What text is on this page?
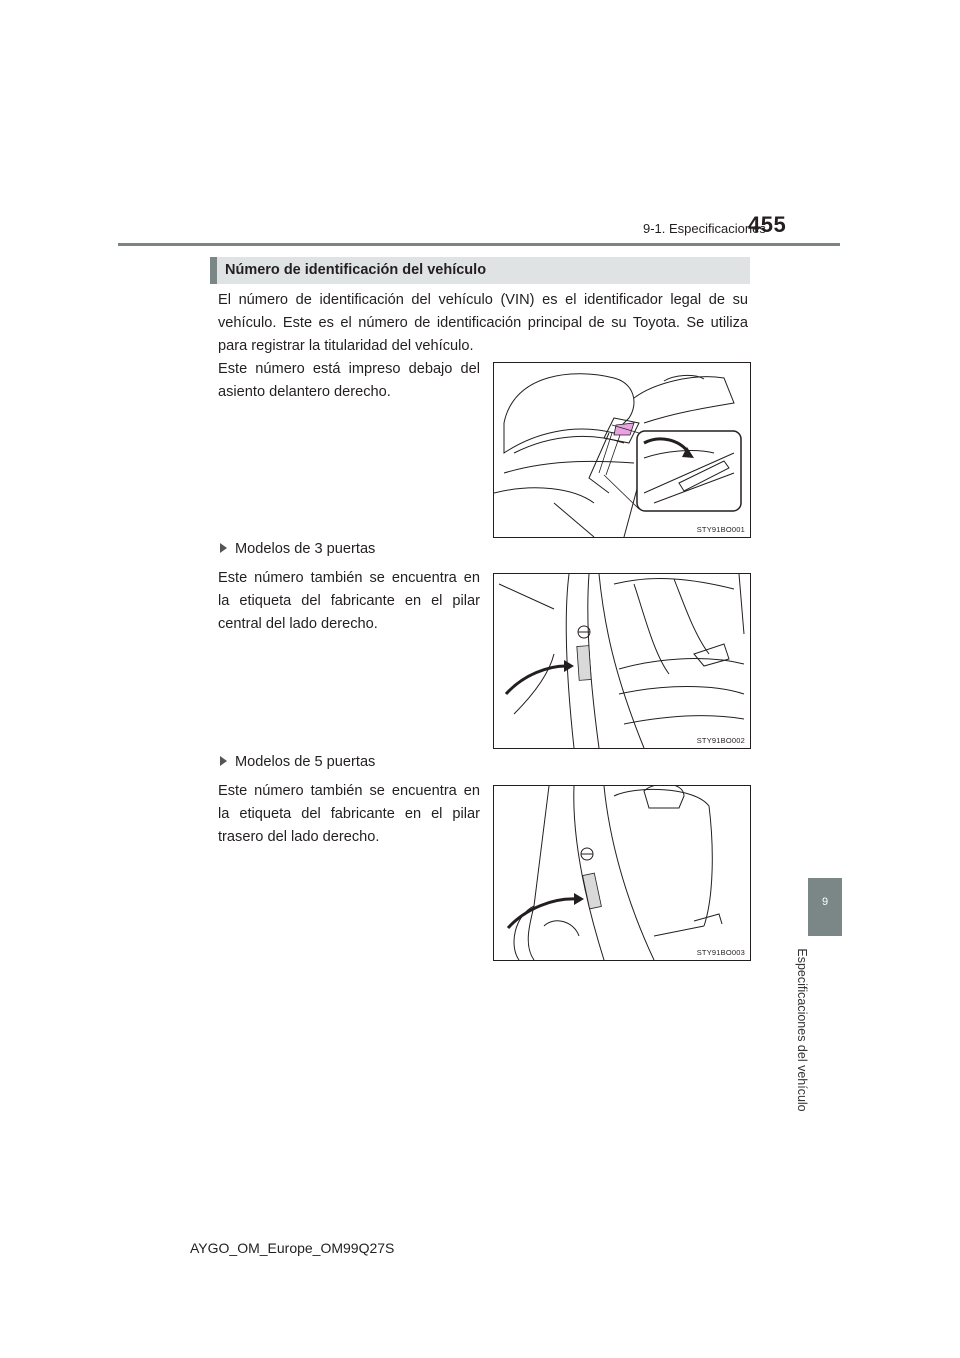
9-1. Especificaciones
455
9
Especificaciones del vehículo
Número de identificación del vehículo
El número de identificación del vehículo (VIN) es el identificador legal de su vehículo. Este es el número de identificación principal de su Toyota. Se utiliza para registrar la titularidad del vehículo.
Este número está impreso debajo del asiento delantero derecho.
STY91BO001
Modelos de 3 puertas
Este número también se encuentra en la etiqueta del fabricante en el pilar central del lado derecho.
STY91BO002
Modelos de 5 puertas
Este número también se encuentra en la etiqueta del fabricante en el pilar trasero del lado derecho.
STY91BO003
AYGO_OM_Europe_OM99Q27S
